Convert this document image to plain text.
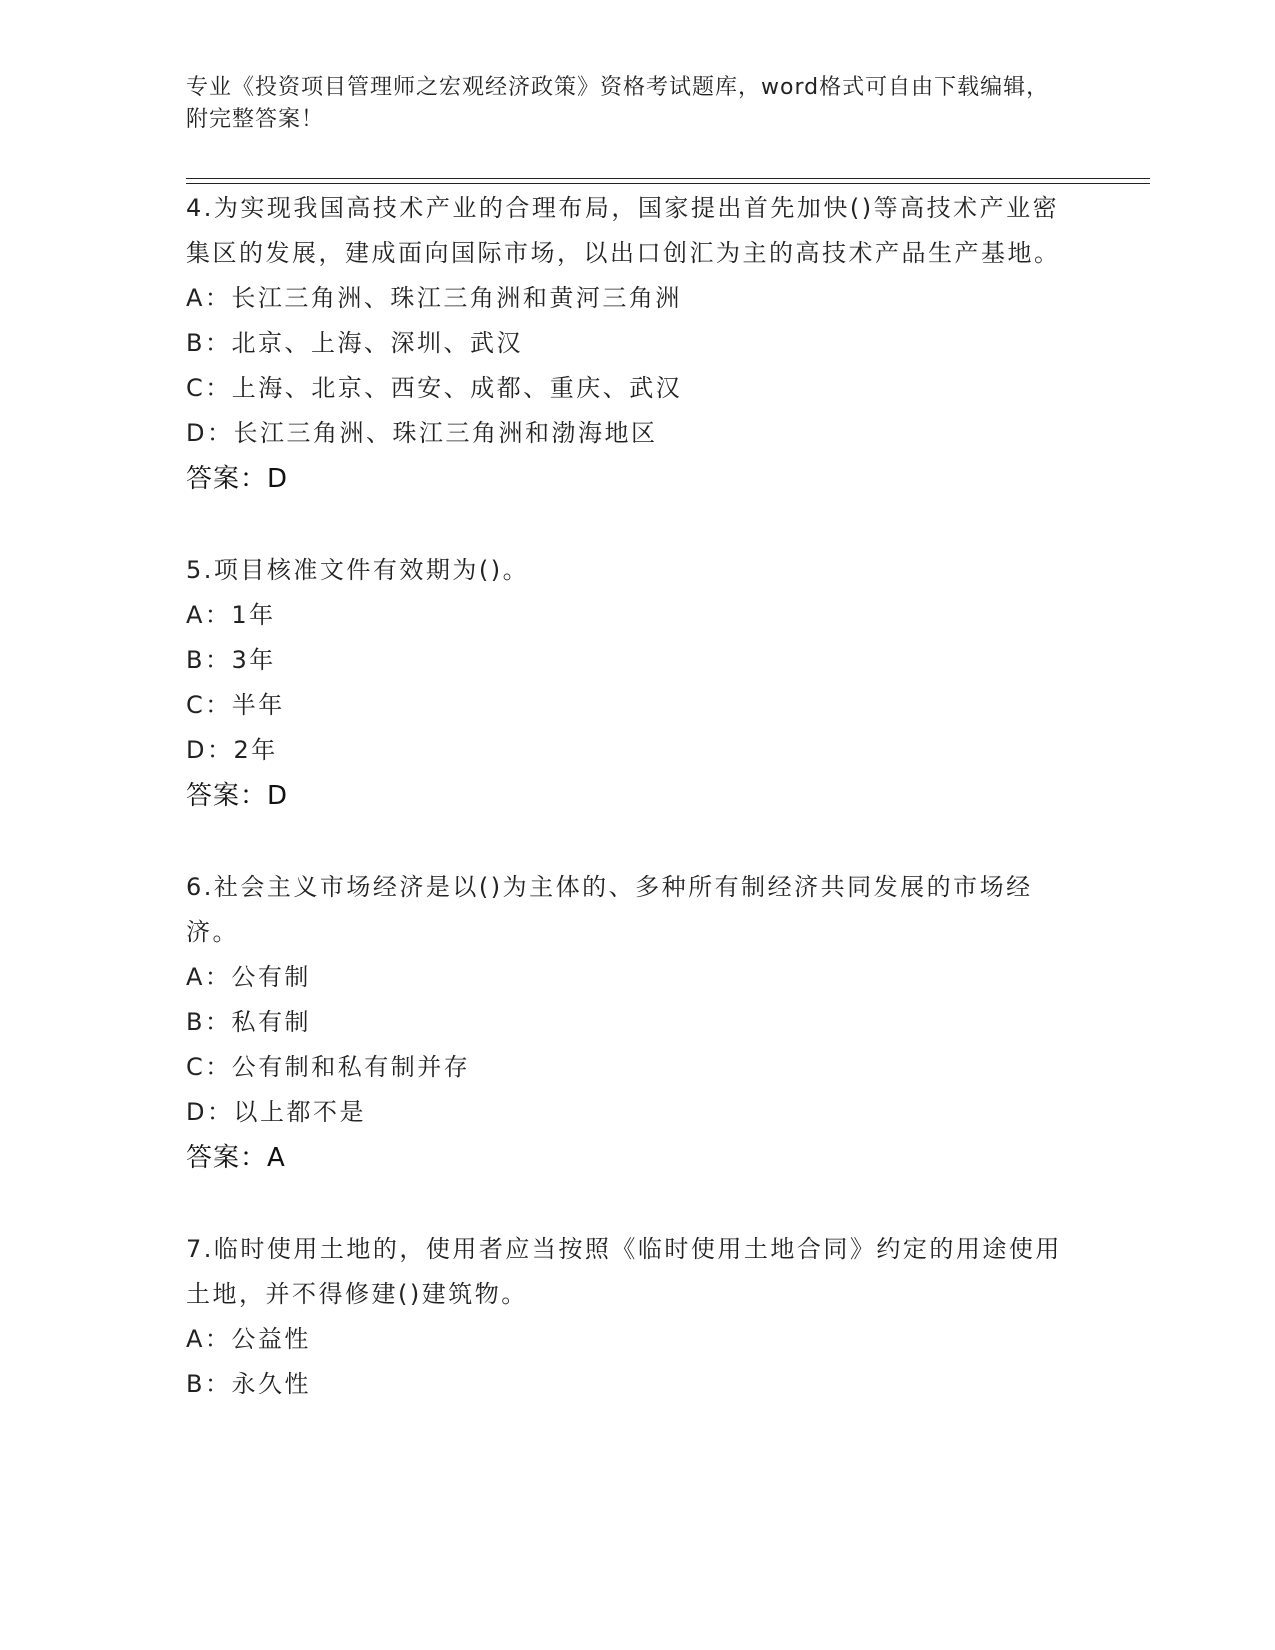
专业《投资项目管理师之宏观经济政策》资格考试题库，word格式可自由下载编辑，附完整答案！

4.为实现我国高技术产业的合理布局，国家提出首先加快()等高技术产业密集区的发展，建成面向国际市场，以出口创汇为主的高技术产品生产基地。

A：长江三角洲、珠江三角洲和黄河三角洲

B：北京、上海、深圳、武汉

C：上海、北京、西安、成都、重庆、武汉

D：长江三角洲、珠江三角洲和渤海地区

答案：D

5.项目核准文件有效期为()。

A：1年

B：3年

C：半年

D：2年

答案：D

6.社会主义市场经济是以()为主体的、多种所有制经济共同发展的市场经济。

A：公有制

B：私有制

C：公有制和私有制并存

D：以上都不是

答案：A

7.临时使用土地的，使用者应当按照《临时使用土地合同》约定的用途使用土地，并不得修建()建筑物。

A：公益性

B：永久性
